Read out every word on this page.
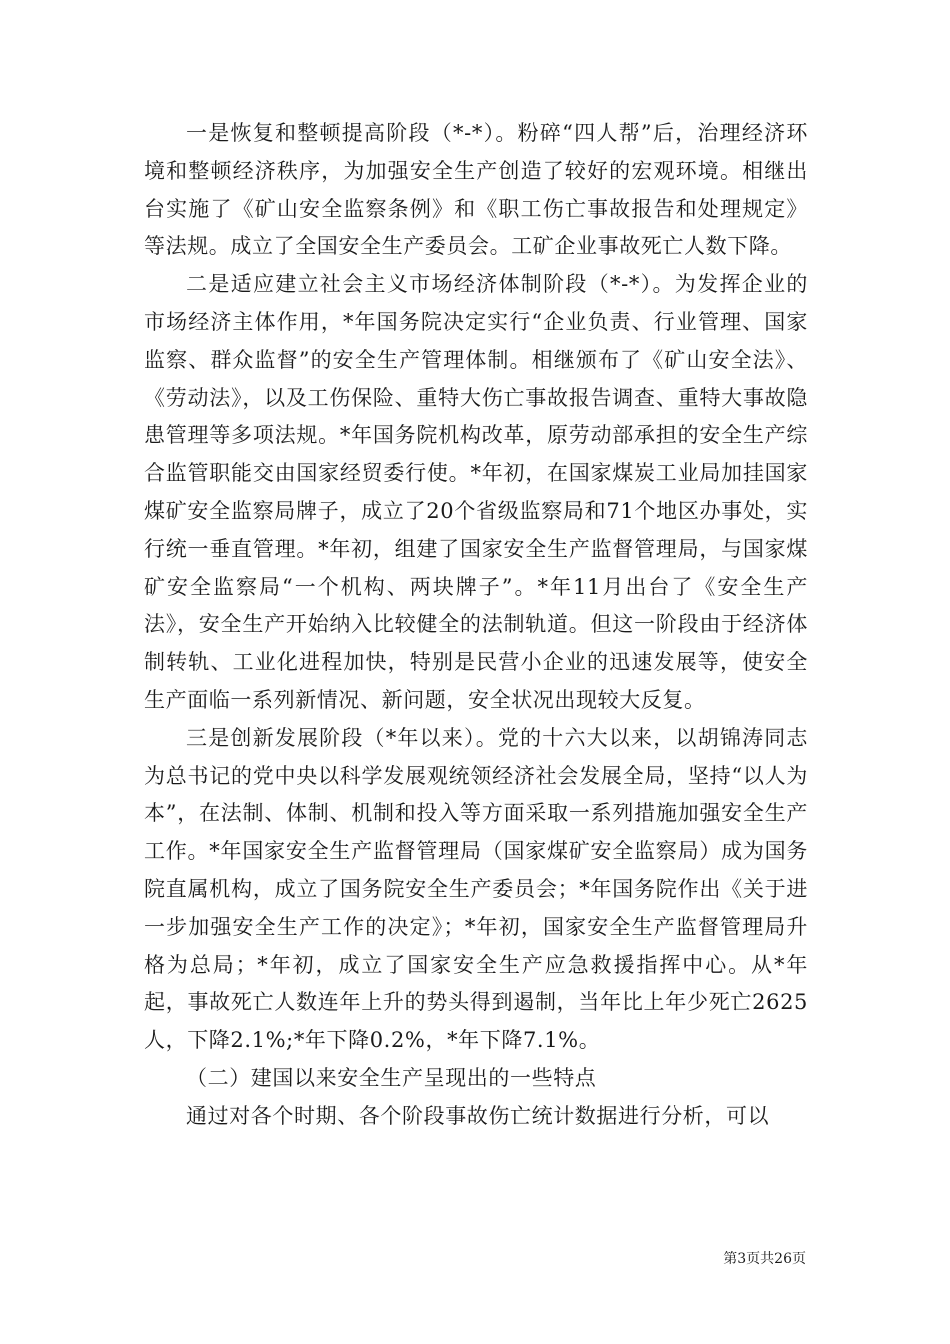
一是恢复和整顿提高阶段（*-*）。粉碎“四人帮”后，治理经济环境和整顿经济秩序，为加强安全生产创造了较好的宏观环境。相继出台实施了《矿山安全监察条例》和《职工伤亡事故报告和处理规定》等法规。成立了全国安全生产委员会。工矿企业事故死亡人数下降。

二是适应建立社会主义市场经济体制阶段（*-*）。为发挥企业的市场经济主体作用，*年国务院决定实行“企业负责、行业管理、国家监察、群众监督”的安全生产管理体制。相继颁布了《矿山安全法》、《劳动法》，以及工伤保险、重特大伤亡事故报告调查、重特大事故隐患管理等多项法规。*年国务院机构改革，原劳动部承担的安全生产综合监管职能交由国家经贸委行使。*年初，在国家煤炭工业局加挂国家煤矿安全监察局牌子，成立了20个省级监察局和71个地区办事处，实行统一垂直管理。*年初，组建了国家安全生产监督管理局，与国家煤矿安全监察局“一个机构、两块牌子”。*年11月出台了《安全生产法》，安全生产开始纳入比较健全的法制轨道。但这一阶段由于经济体制转轨、工业化进程加快，特别是民营小企业的迅速发展等，使安全生产面临一系列新情况、新问题，安全状况出现较大反复。

三是创新发展阶段（*年以来）。党的十六大以来，以胡锦涛同志为总书记的党中央以科学发展观统领经济社会发展全局，坚持“以人为本”，在法制、体制、机制和投入等方面采取一系列措施加强安全生产工作。*年国家安全生产监督管理局（国家煤矿安全监察局）成为国务院直属机构，成立了国务院安全生产委员会；*年国务院作出《关于进一步加强安全生产工作的决定》；*年初，国家安全生产监督管理局升格为总局；*年初，成立了国家安全生产应急救援指挥中心。从*年起，事故死亡人数连年上升的势头得到遏制，当年比上年少死亡2625人，下降2.1%;*年下降0.2%，*年下降7.1%。

（二）建国以来安全生产呈现出的一些特点

通过对各个时期、各个阶段事故伤亡统计数据进行分析，可以

第3页共26页
